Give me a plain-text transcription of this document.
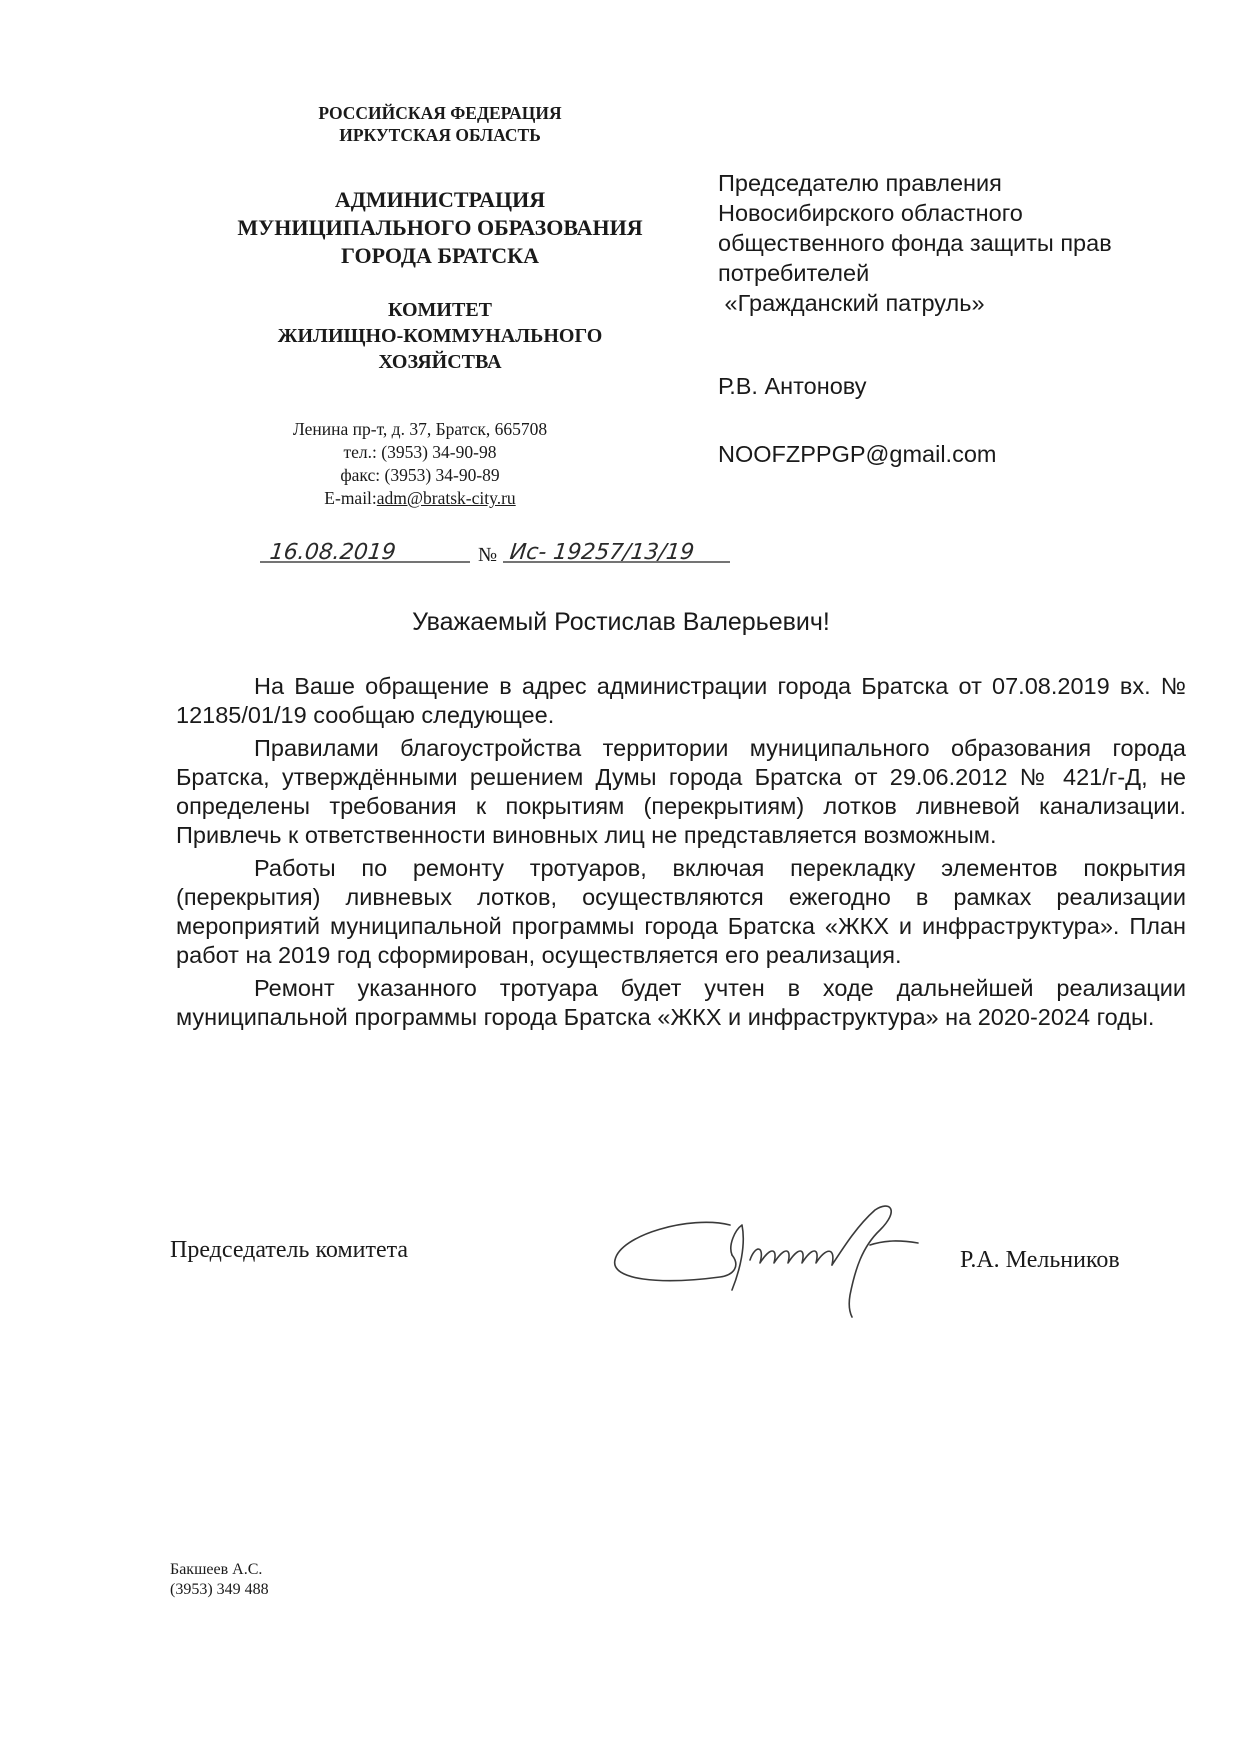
РОССИЙСКАЯ ФЕДЕРАЦИЯ
ИРКУТСКАЯ ОБЛАСТЬ
АДМИНИСТРАЦИЯ
МУНИЦИПАЛЬНОГО ОБРАЗОВАНИЯ
ГОРОДА БРАТСКА
КОМИТЕТ
ЖИЛИЩНО-КОММУНАЛЬНОГО
ХОЗЯЙСТВА
Ленина пр-т, д. 37, Братск, 665708
тел.: (3953) 34-90-98
факс: (3953) 34-90-89
E-mail:adm@bratsk-city.ru
16.08.2019	№ Ис- 19257/13/19
Председателю правления
Новосибирского областного
общественного фонда защиты прав
потребителей
«Гражданский патруль»
Р.В. Антонову
NOOFZPPGP@gmail.com
Уважаемый Ростислав Валерьевич!

На Ваше обращение в адрес администрации города Братска от 07.08.2019 вх. № 12185/01/19 сообщаю следующее.

Правилами благоустройства территории муниципального образования города Братска, утверждёнными решением Думы города Братска от 29.06.2012 № 421/г-Д, не определены требования к покрытиям (перекрытиям) лотков ливневой канализации. Привлечь к ответственности виновных лиц не представляется возможным.

Работы по ремонту тротуаров, включая перекладку элементов покрытия (перекрытия) ливневых лотков, осуществляются ежегодно в рамках реализации мероприятий муниципальной программы города Братска «ЖКХ и инфраструктура». План работ на 2019 год сформирован, осуществляется его реализация.

Ремонт указанного тротуара будет учтен в ходе дальнейшей реализации муниципальной программы города Братска «ЖКХ и инфраструктура» на 2020-2024 годы.

Председатель комитета	Р.А. Мельников
Бакшеев А.С.
(3953) 349 488
